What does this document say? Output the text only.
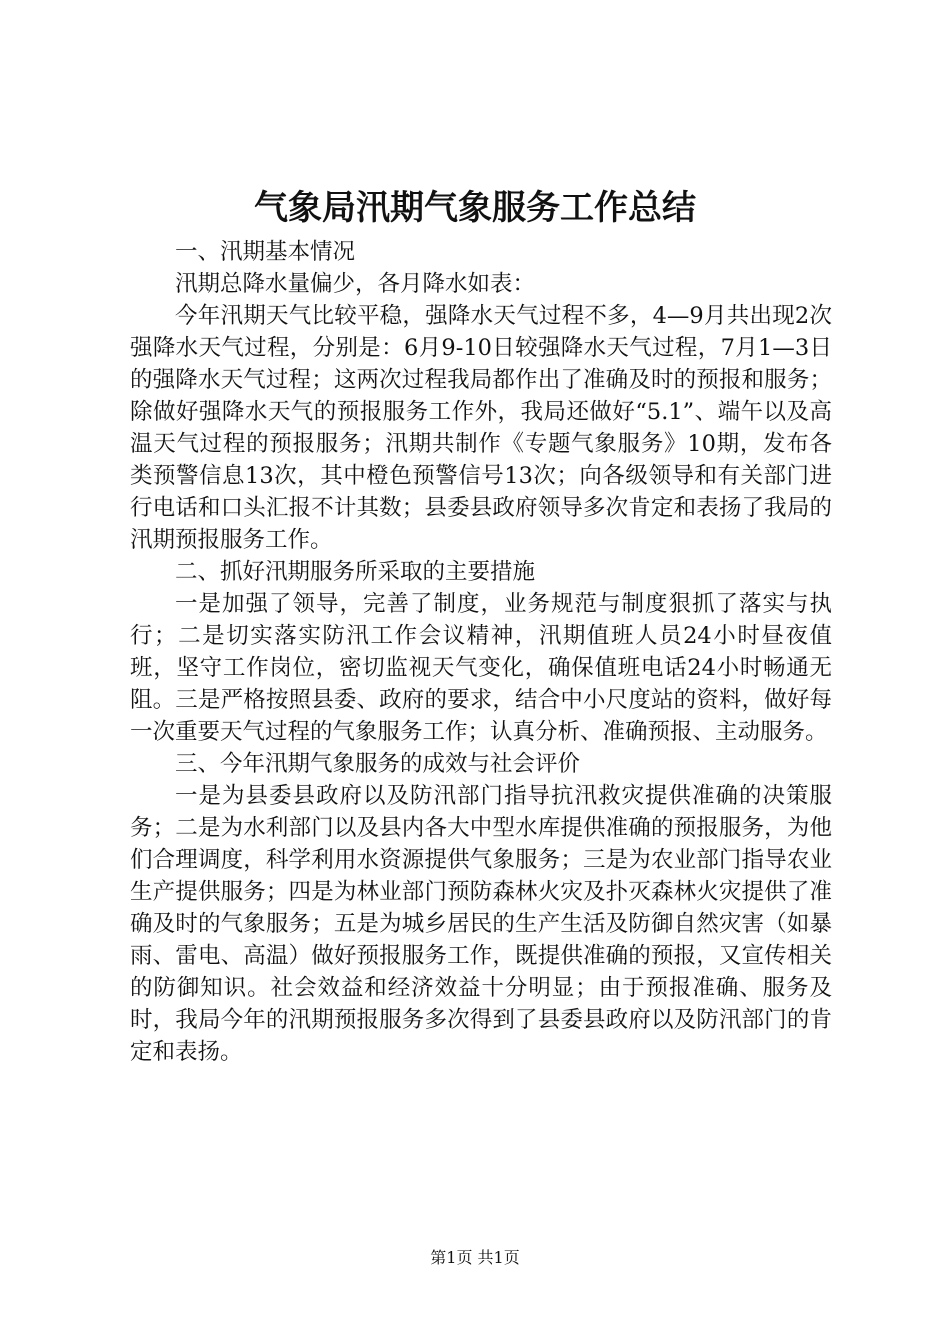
气象局汛期气象服务工作总结

一、汛期基本情况

汛期总降水量偏少，各月降水如表：

今年汛期天气比较平稳，强降水天气过程不多，4—9月共出现2次强降水天气过程，分别是：6月9-10日较强降水天气过程，7月1—3日的强降水天气过程；这两次过程我局都作出了准确及时的预报和服务；除做好强降水天气的预报服务工作外，我局还做好“5.1”、端午以及高温天气过程的预报服务；汛期共制作《专题气象服务》10期，发布各类预警信息13次，其中橙色预警信号13次；向各级领导和有关部门进行电话和口头汇报不计其数；县委县政府领导多次肯定和表扬了我局的汛期预报服务工作。

二、抓好汛期服务所采取的主要措施

一是加强了领导，完善了制度，业务规范与制度狠抓了落实与执行；二是切实落实防汛工作会议精神，汛期值班人员24小时昼夜值班，坚守工作岗位，密切监视天气变化，确保值班电话24小时畅通无阻。三是严格按照县委、政府的要求，结合中小尺度站的资料，做好每一次重要天气过程的气象服务工作；认真分析、准确预报、主动服务。

三、今年汛期气象服务的成效与社会评价

一是为县委县政府以及防汛部门指导抗汛救灾提供准确的决策服务；二是为水利部门以及县内各大中型水库提供准确的预报服务，为他们合理调度，科学利用水资源提供气象服务；三是为农业部门指导农业生产提供服务；四是为林业部门预防森林火灾及扑灭森林火灾提供了准确及时的气象服务；五是为城乡居民的生产生活及防御自然灾害（如暴雨、雷电、高温）做好预报服务工作，既提供准确的预报，又宣传相关的防御知识。社会效益和经济效益十分明显；由于预报准确、服务及时，我局今年的汛期预报服务多次得到了县委县政府以及防汛部门的肯定和表扬。

第1页 共1页
